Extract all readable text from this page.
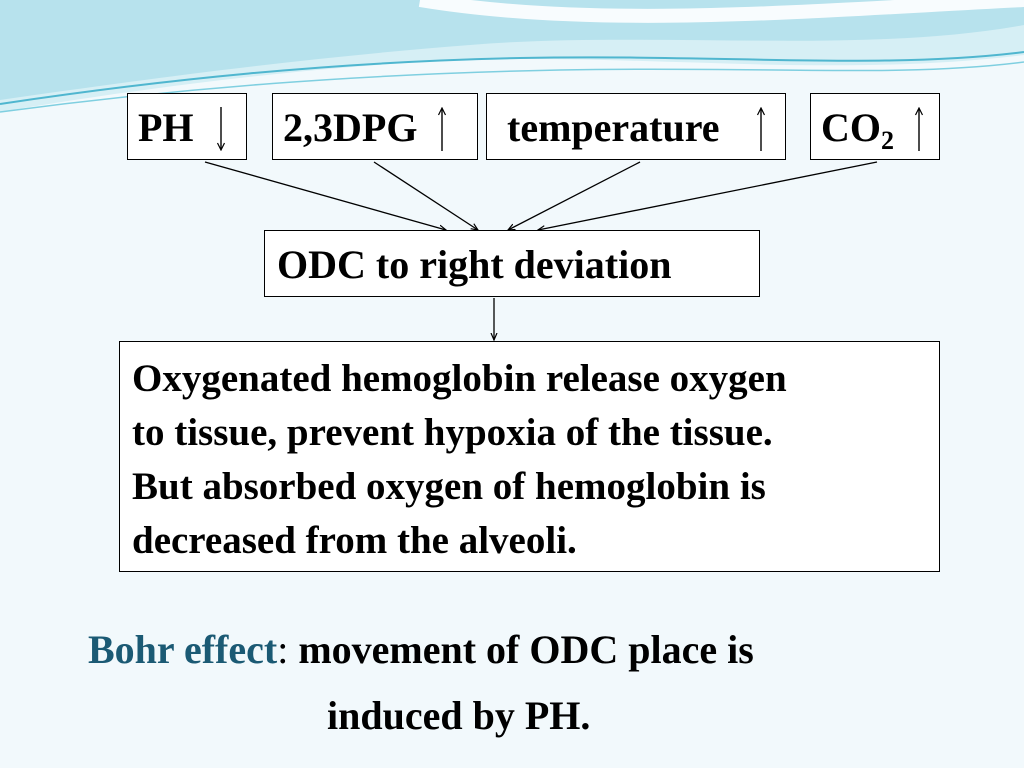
PH 2,3DPG temperature	$CO_2$
ODC to right deviation

Oxygenated hemoglobin release oxygen
to tissue, prevent hypoxia of the tissue.
But absorbed oxygen of hemoglobin is
decreased from the alveoli.

Bohr effect: movement of ODC place is
induced by PH.
